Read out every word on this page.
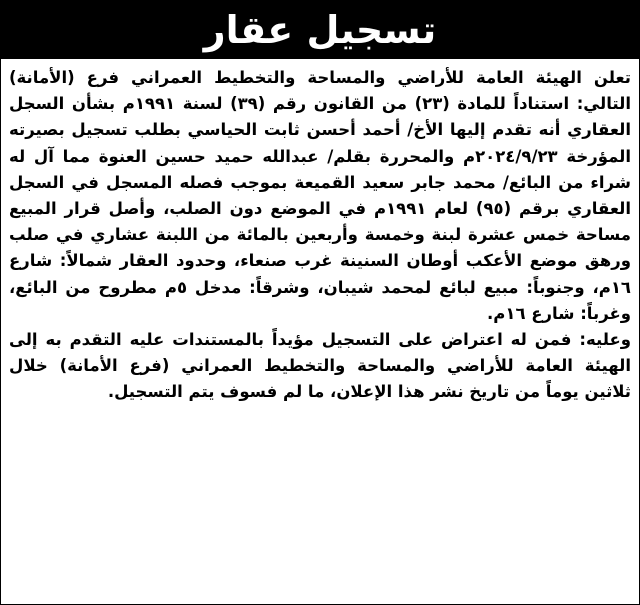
تسجيل عقار

تعلن الهيئة العامة للأراضي والمساحة والتخطيط العمراني فرع (الأمانة) التالي: استناداً للمادة (٢٣) من القانون رقم (٣٩) لسنة ١٩٩١م بشأن السجل العقاري أنه تقدم إليها الأخ/ أحمد أحسن ثابت الحياسي بطلب تسجيل بصيرته المؤرخة ٢٠٢٤/٩/٢٣م والمحررة بقلم/ عبدالله حميد حسين العنوة مما آل له شراء من البائع/ محمد جابر سعيد القميعة بموجب فصله المسجل في السجل العقاري برقم (٩٥) لعام ١٩٩١م في الموضع دون الصلب، وأصل قرار المبيع مساحة خمس عشرة لبنة وخمسة وأربعين بالمائة من اللبنة عشاري في صلب ورهق موضع الأعكب أوطان السنينة غرب صنعاء، وحدود العقار شمالاً: شارع ١٦م، وجنوباً: مبيع لبائع لمحمد شيبان، وشرقاً: مدخل ٥م مطروح من البائع، وغرباً: شارع ١٦م.

وعليه: فمن له اعتراض على التسجيل مؤيداً بالمستندات عليه التقدم به إلى الهيئة العامة للأراضي والمساحة والتخطيط العمراني (فرع الأمانة) خلال ثلاثين يوماً من تاريخ نشر هذا الإعلان، ما لم فسوف يتم التسجيل.
